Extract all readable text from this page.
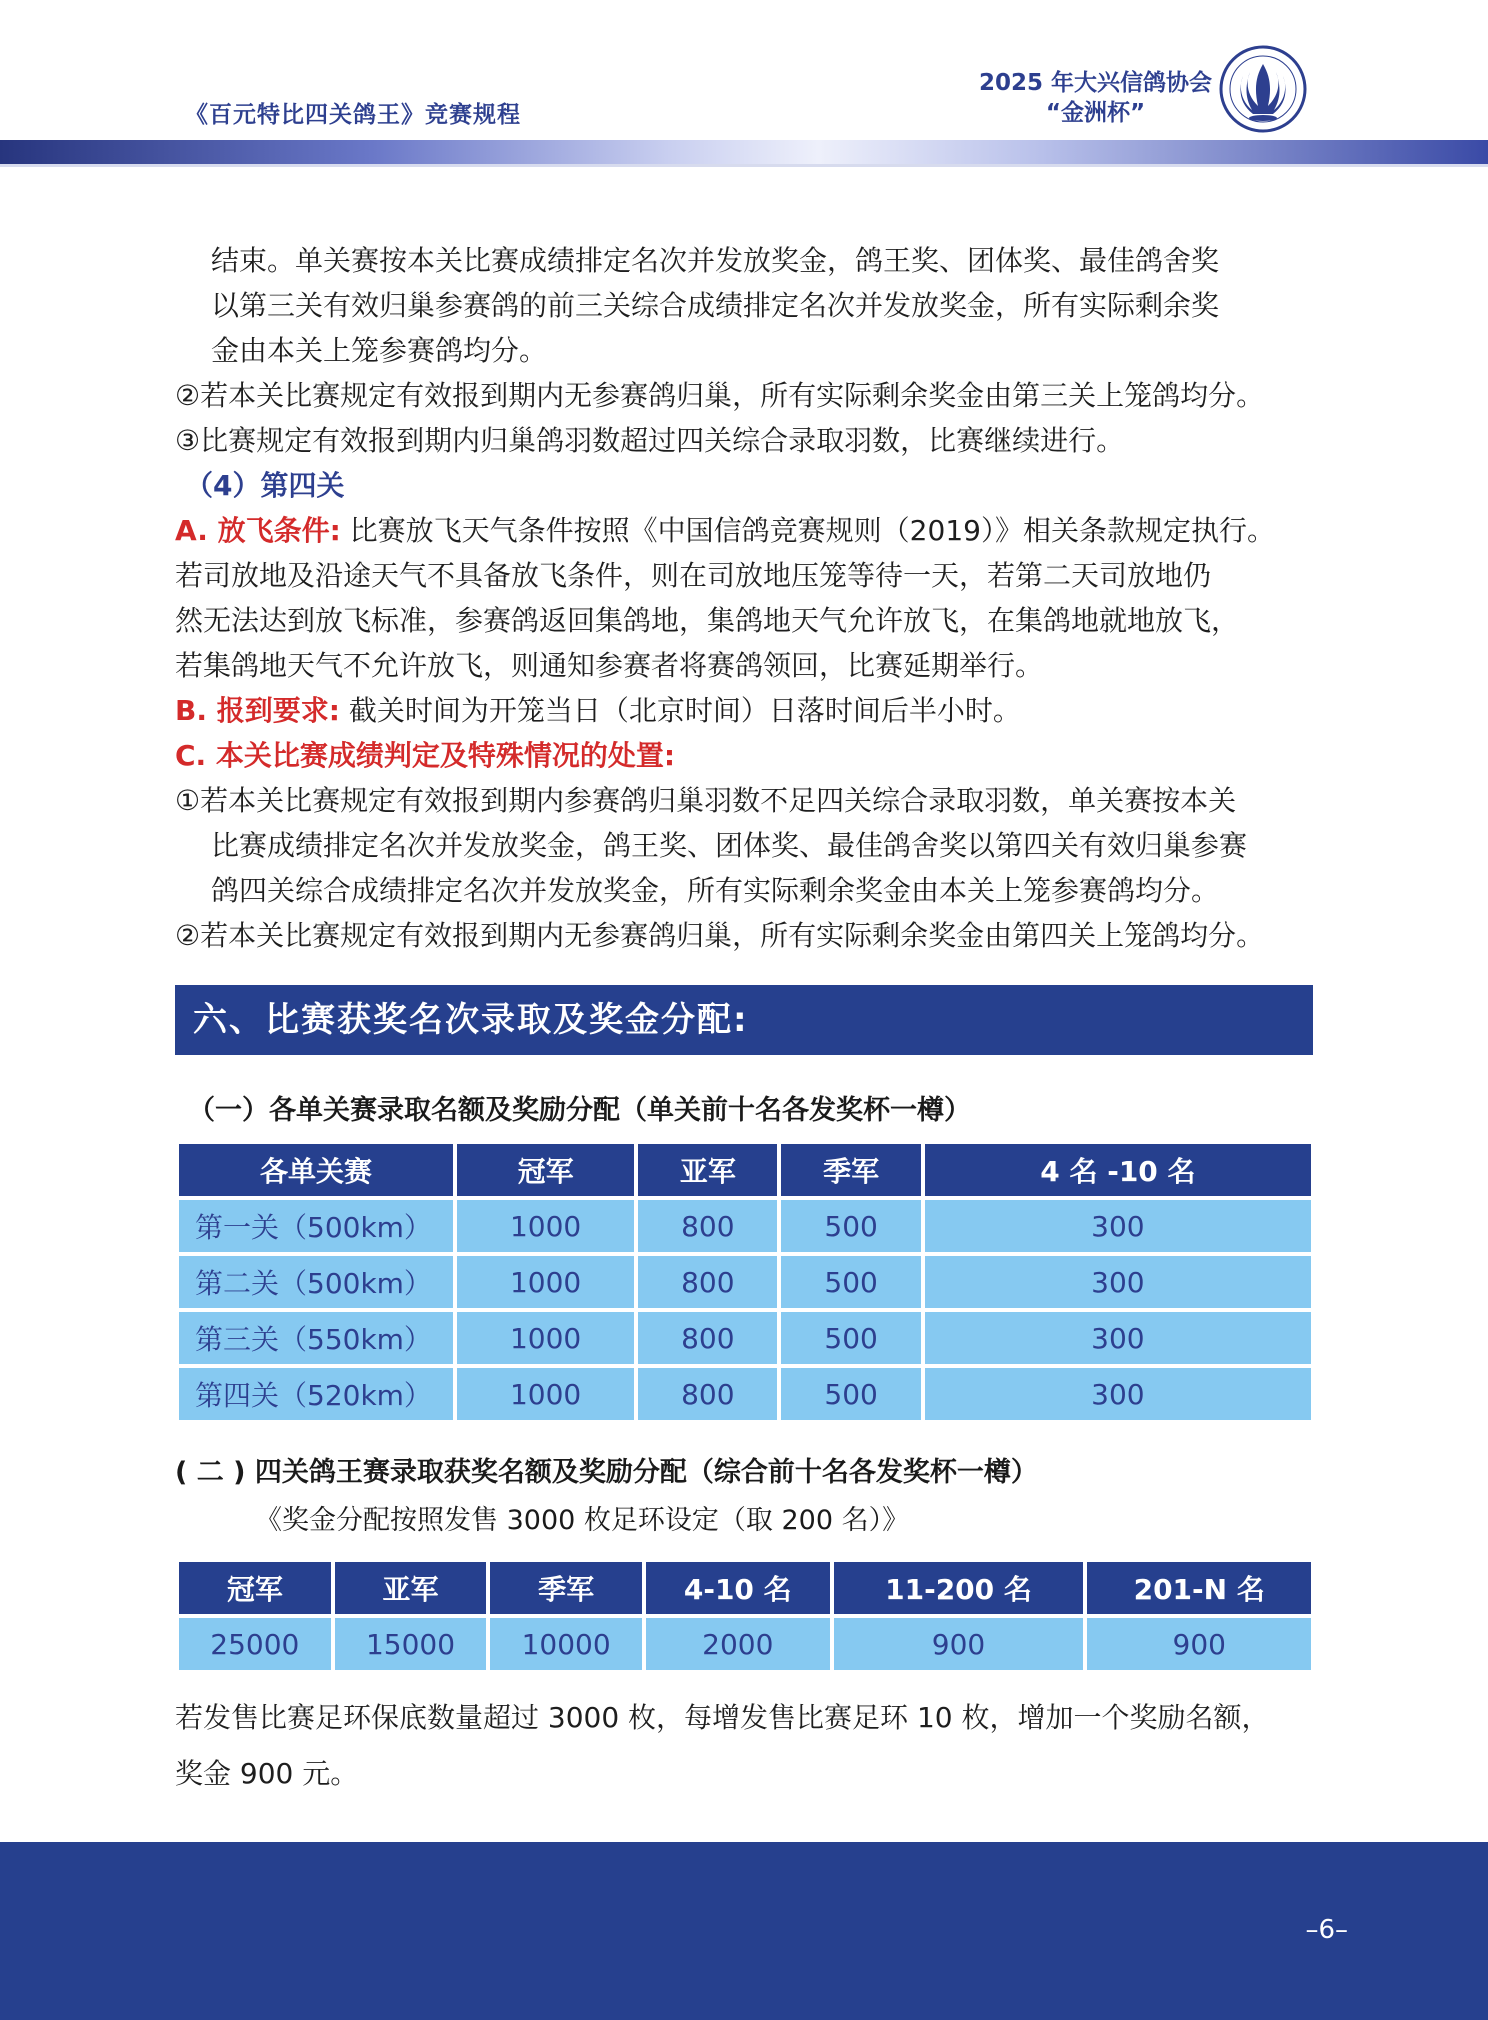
《百元特比四关鸽王》竞赛规程
2025 年大兴信鸽协会
“金洲杯”

结束。单关赛按本关比赛成绩排定名次并发放奖金，鸽王奖、团体奖、最佳鸽舍奖

以第三关有效归巢参赛鸽的前三关综合成绩排定名次并发放奖金，所有实际剩余奖

金由本关上笼参赛鸽均分。

②若本关比赛规定有效报到期内无参赛鸽归巢，所有实际剩余奖金由第三关上笼鸽均分。

③比赛规定有效报到期内归巢鸽羽数超过四关综合录取羽数，比赛继续进行。

（4）第四关

A. 放飞条件: 比赛放飞天气条件按照《中国信鸽竞赛规则（2019）》相关条款规定执行。

若司放地及沿途天气不具备放飞条件，则在司放地压笼等待一天，若第二天司放地仍

然无法达到放飞标准，参赛鸽返回集鸽地，集鸽地天气允许放飞，在集鸽地就地放飞，

若集鸽地天气不允许放飞，则通知参赛者将赛鸽领回，比赛延期举行。

B. 报到要求: 截关时间为开笼当日（北京时间）日落时间后半小时。

C. 本关比赛成绩判定及特殊情况的处置:

①若本关比赛规定有效报到期内参赛鸽归巢羽数不足四关综合录取羽数，单关赛按本关

比赛成绩排定名次并发放奖金，鸽王奖、团体奖、最佳鸽舍奖以第四关有效归巢参赛

鸽四关综合成绩排定名次并发放奖金，所有实际剩余奖金由本关上笼参赛鸽均分。

②若本关比赛规定有效报到期内无参赛鸽归巢，所有实际剩余奖金由第四关上笼鸽均分。

六、比赛获奖名次录取及奖金分配:
（一）各单关赛录取名额及奖励分配（单关前十名各发奖杯一樽）
各单关赛	冠军	亚军	季军	4 名 -10 名
第一关（500km）	1000	800	500	300
第二关（500km）	1000	800	500	300
第三关（550km）	1000	800	500	300
第四关（520km）	1000	800	500	300
( 二 ) 四关鸽王赛录取获奖名额及奖励分配（综合前十名各发奖杯一樽）
《奖金分配按照发售 3000 枚足环设定（取 200 名）》
冠军	亚军	季军	4-10 名	11-200 名	201-N 名
25000	15000	10000	2000	900	900

若发售比赛足环保底数量超过 3000 枚，每增发售比赛足环 10 枚，增加一个奖励名额，

奖金 900 元。

–6–
